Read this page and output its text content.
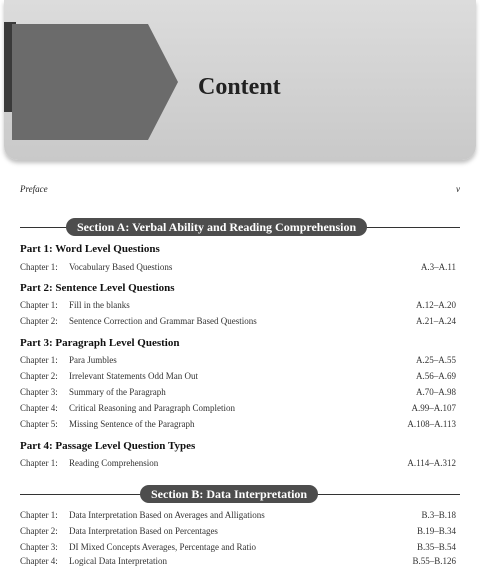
Content
Preface	v
Section A: Verbal Ability and Reading Comprehension
Part 1: Word Level Questions
Chapter 1: Vocabulary Based Questions	A.3–A.11
Part 2: Sentence Level Questions
Chapter 1: Fill in the blanks	A.12–A.20
Chapter 2: Sentence Correction and Grammar Based Questions	A.21–A.24
Part 3: Paragraph Level Question
Chapter 1: Para Jumbles	A.25–A.55
Chapter 2: Irrelevant Statements Odd Man Out	A.56–A.69
Chapter 3: Summary of the Paragraph	A.70–A.98
Chapter 4: Critical Reasoning and Paragraph Completion	A.99–A.107
Chapter 5: Missing Sentence of the Paragraph	A.108–A.113
Part 4: Passage Level Question Types
Chapter 1: Reading Comprehension	A.114–A.312
Section B: Data Interpretation
Chapter 1: Data Interpretation Based on Averages and Alligations	B.3–B.18
Chapter 2: Data Interpretation Based on Percentages	B.19–B.34
Chapter 3: DI Mixed Concepts Averages, Percentage and Ratio	B.35–B.54
Chapter 4: Logical Data Interpretation	B.55–B.126
